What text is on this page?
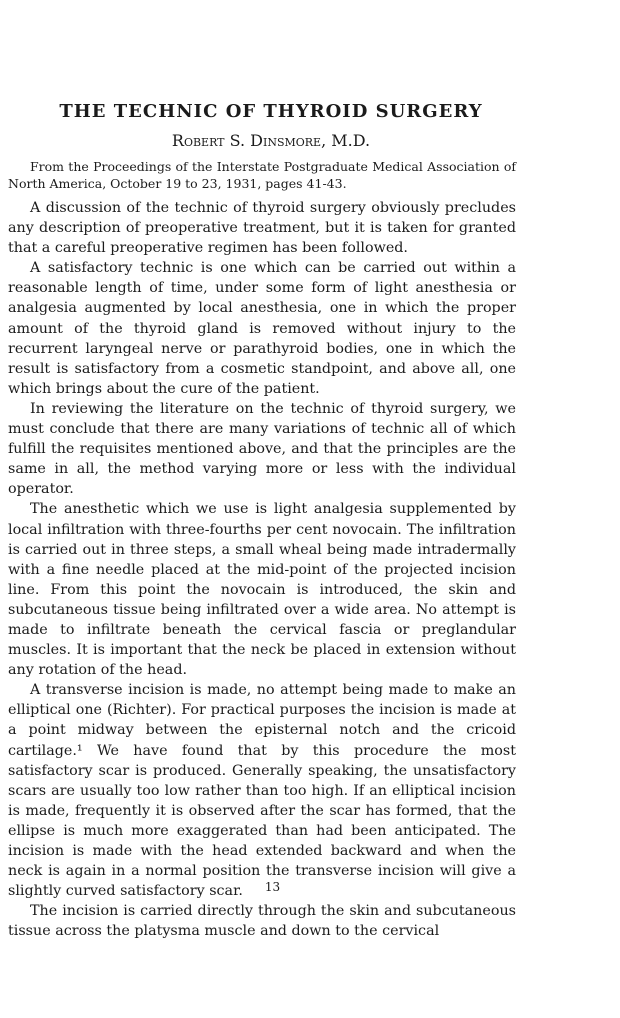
THE TECHNIC OF THYROID SURGERY
Robert S. Dinsmore, M.D.

From the Proceedings of the Interstate Postgraduate Medical Association of North America, October 19 to 23, 1931, pages 41-43.

A discussion of the technic of thyroid surgery obviously precludes any description of preoperative treatment, but it is taken for granted that a careful preoperative regimen has been followed.

A satisfactory technic is one which can be carried out within a reasonable length of time, under some form of light anesthesia or analgesia augmented by local anesthesia, one in which the proper amount of the thyroid gland is removed without injury to the recurrent laryngeal nerve or parathyroid bodies, one in which the result is satisfactory from a cosmetic standpoint, and above all, one which brings about the cure of the patient.

In reviewing the literature on the technic of thyroid surgery, we must conclude that there are many variations of technic all of which fulfill the requisites mentioned above, and that the principles are the same in all, the method varying more or less with the individual operator.

The anesthetic which we use is light analgesia supplemented by local infiltration with three-fourths per cent novocain. The infiltration is carried out in three steps, a small wheal being made intradermally with a fine needle placed at the mid-point of the projected incision line. From this point the novocain is introduced, the skin and subcutaneous tissue being infiltrated over a wide area. No attempt is made to infiltrate beneath the cervical fascia or preglandular muscles. It is important that the neck be placed in extension without any rotation of the head.

A transverse incision is made, no attempt being made to make an elliptical one (Richter). For practical purposes the incision is made at a point midway between the episternal notch and the cricoid cartilage.¹ We have found that by this procedure the most satisfactory scar is produced. Generally speaking, the unsatisfactory scars are usually too low rather than too high. If an elliptical incision is made, frequently it is observed after the scar has formed, that the ellipse is much more exaggerated than had been anticipated. The incision is made with the head extended backward and when the neck is again in a normal position the transverse incision will give a slightly curved satisfactory scar.

The incision is carried directly through the skin and subcutaneous tissue across the platysma muscle and down to the cervical

13
